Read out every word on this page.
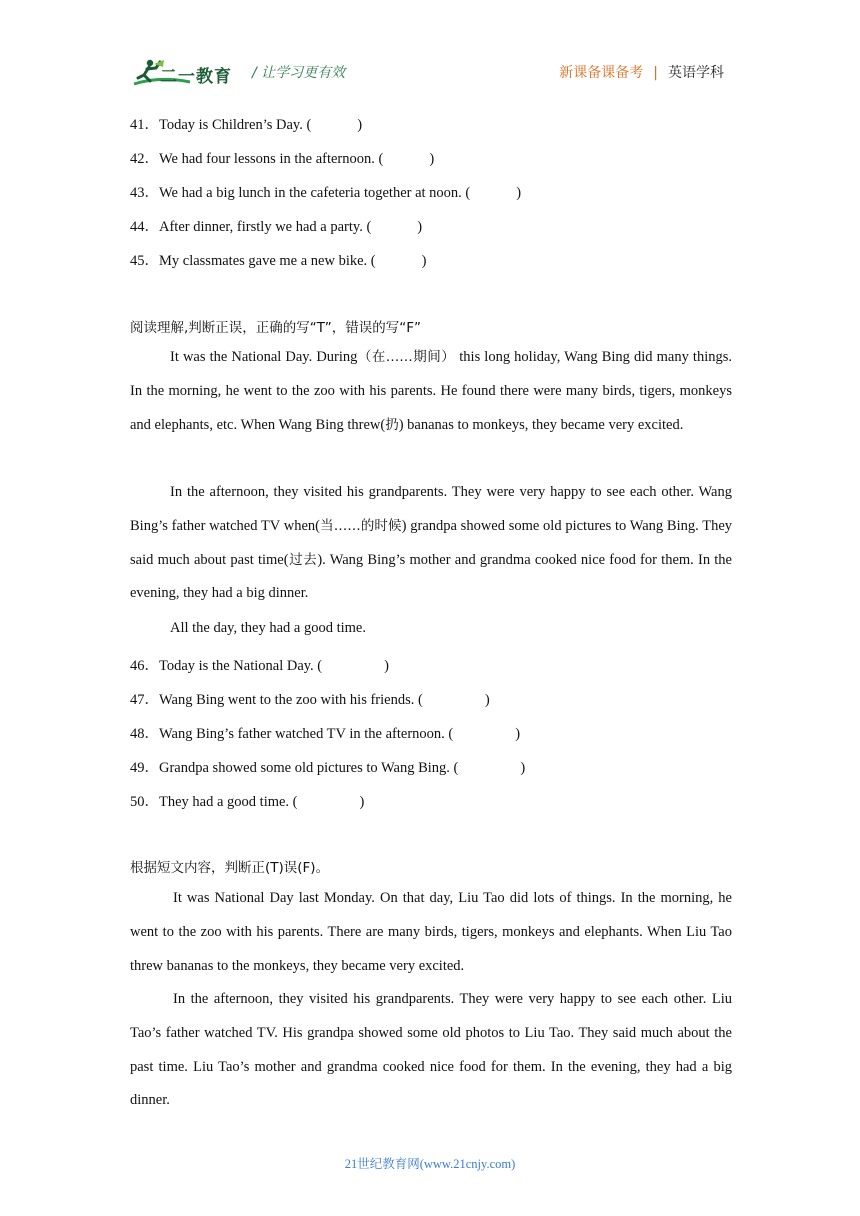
二一教育 / 让学习更有效	新课备课备考 | 英语学科
41．Today is Children’s Day. (	)
42．We had four lessons in the afternoon. (	)
43．We had a big lunch in the cafeteria together at noon. (	)
44．After dinner, firstly we had a party. (	)
45．My classmates gave me a new bike. (	)
阅读理解,判断正误，正确的写“T”，错误的写“F”
It was the National Day. During（在……期间） this long holiday, Wang Bing did many things. In the morning, he went to the zoo with his parents. He found there were many birds, tigers, monkeys and elephants, etc. When Wang Bing threw(扔) bananas to monkeys, they became very excited.
In the afternoon, they visited his grandparents. They were very happy to see each other. Wang Bing’s father watched TV when(当……的时候) grandpa showed some old pictures to Wang Bing. They said much about past time(过去). Wang Bing’s mother and grandma cooked nice food for them. In the evening, they had a big dinner.
All the day, they had a good time.
46．Today is the National Day. (	)
47．Wang Bing went to the zoo with his friends. (	)
48．Wang Bing’s father watched TV in the afternoon. (	)
49．Grandpa showed some old pictures to Wang Bing. (	)
50．They had a good time. (	)
根据短文内容，判断正(T)误(F)。
It was National Day last Monday. On that day, Liu Tao did lots of things. In the morning, he went to the zoo with his parents. There are many birds, tigers, monkeys and elephants. When Liu Tao threw bananas to the monkeys, they became very excited.
In the afternoon, they visited his grandparents. They were very happy to see each other. Liu Tao’s father watched TV. His grandpa showed some old photos to Liu Tao. They said much about the past time. Liu Tao’s mother and grandma cooked nice food for them. In the evening, they had a big dinner.
21世纪教育网(www.21cnjy.com)
